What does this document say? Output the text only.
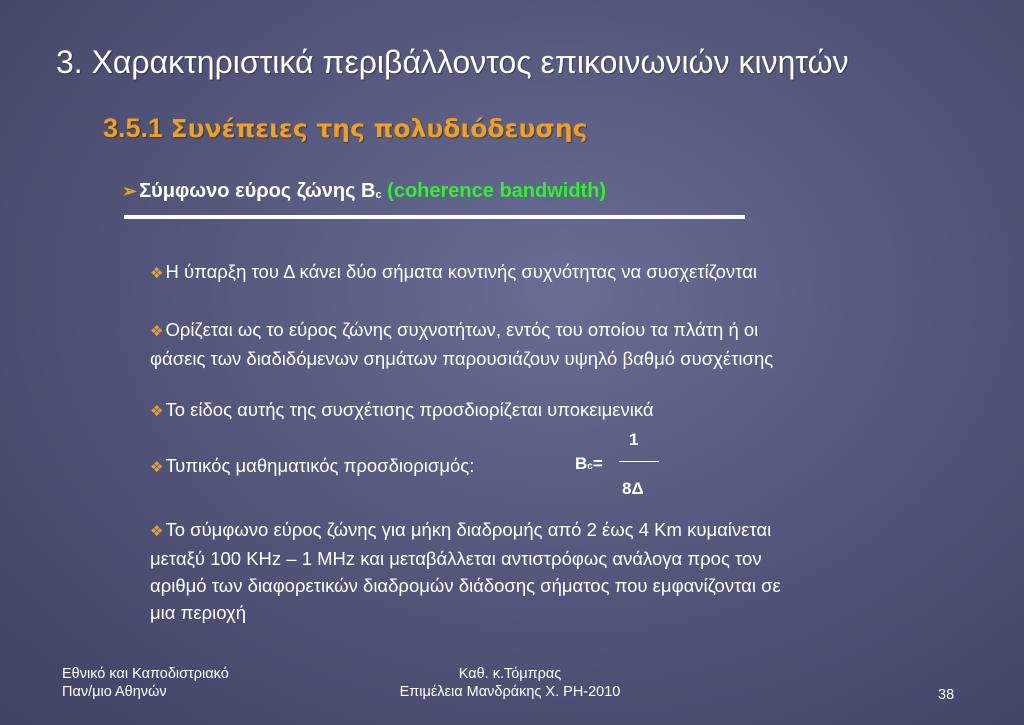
3. Χαρακτηριστικά περιβάλλοντος επικοινωνιών κινητών
3.5.1 Συνέπειες της πολυδιόδευσης
➢ Σύμφωνο εύρος ζώνης Bc (coherence bandwidth)
❖ Η ύπαρξη του Δ κάνει δύο σήματα κοντινής συχνότητας να συσχετίζονται
❖ Ορίζεται ως το εύρος ζώνης συχνοτήτων, εντός του οποίου τα πλάτη ή οι
φάσεις των διαδιδόμενων σημάτων παρουσιάζουν υψηλό βαθμό συσχέτισης
❖ Το είδος αυτής της συσχέτισης προσδιορίζεται υποκειμενικά
❖ Τυπικός μαθηματικός προσδιορισμός:	Bc=
1
8Δ
❖ Το σύμφωνο εύρος ζώνης για μήκη διαδρομής από 2 έως 4 Km κυμαίνεται
μεταξύ 100 KHz – 1 MHz και μεταβάλλεται αντιστρόφως ανάλογα προς τον
αριθμό των διαφορετικών διαδρομών διάδοσης σήματος που εμφανίζονται σε
μια περιοχή
Εθνικό και Καποδιστριακό
Παν/μιο Αθηνών
Καθ. κ.Τόμπρας
Επιμέλεια Μανδράκης Χ. ΡΗ-2010	38
